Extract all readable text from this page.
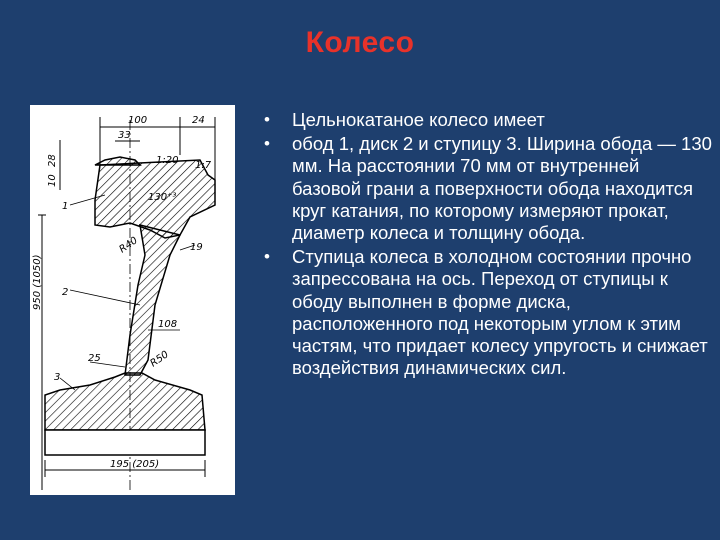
Колесо
100	24
33
28
10
1:20 1:7
130⁺³
R40	19
950 (1050)
108
25	R50
195 (205)
1
2
3
• Цельнокатаное колесо имеет
• обод 1, диск 2 и ступицу 3. Ширина обода — 130 мм. На расстоянии 70 мм от внутренней базовой грани а поверхности обода находится круг катания, по которому измеряют прокат, диаметр колеса и толщину обода.
• Ступица колеса в холодном состоянии прочно запрессована на ось. Переход от ступицы к ободу выполнен в форме диска, расположенного под некоторым углом к этим частям, что придает колесу упругость и снижает воздействия динамических сил.
